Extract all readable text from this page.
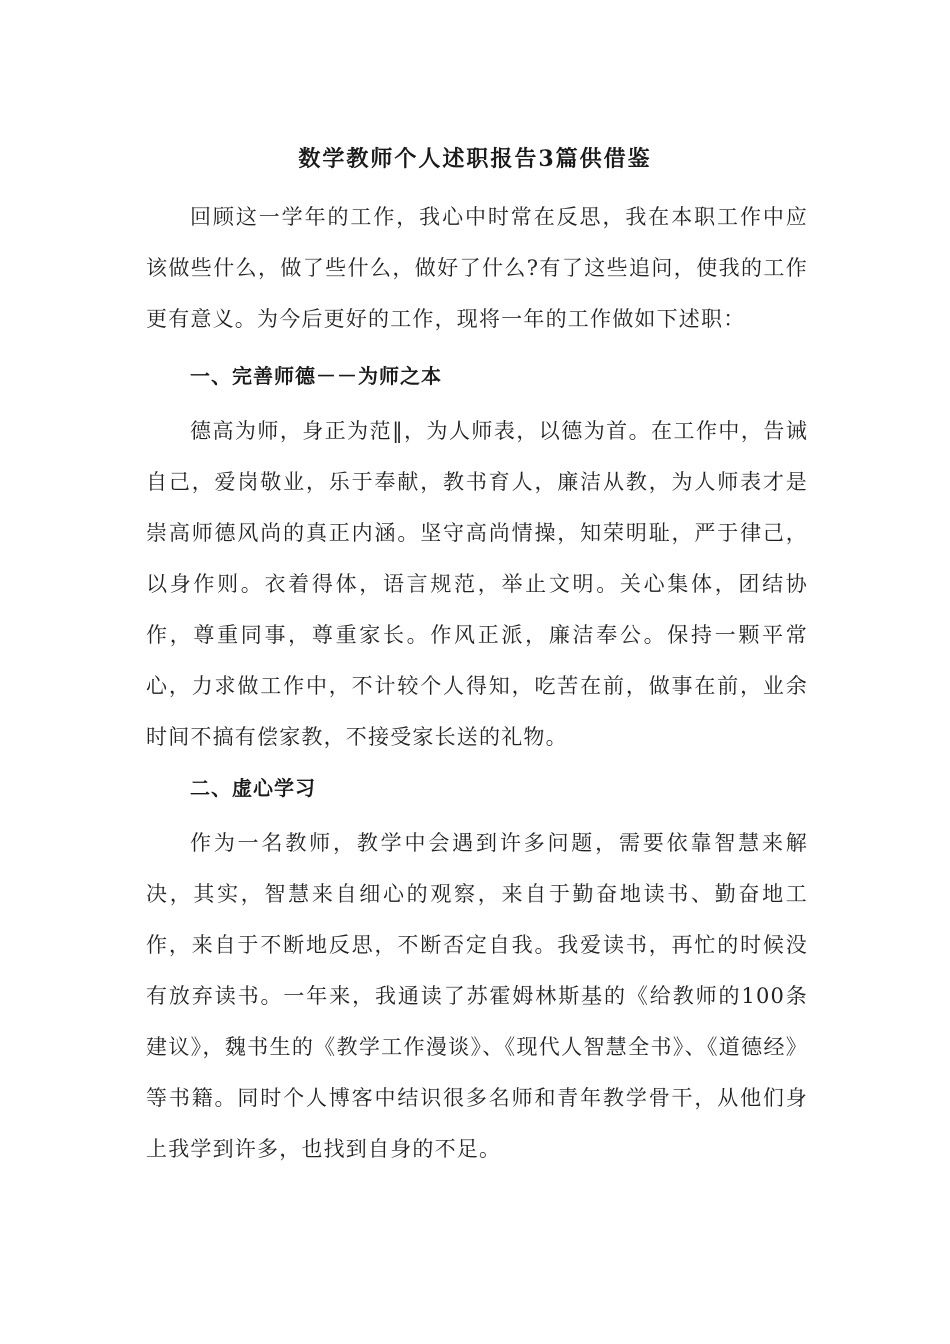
数学教师个人述职报告3篇供借鉴
回顾这一学年的工作，我心中时常在反思，我在本职工作中应该做些什么，做了些什么，做好了什么?有了这些追问，使我的工作更有意义。为今后更好的工作，现将一年的工作做如下述职：
一、完善师德－－为师之本
德高为师，身正为范‖，为人师表，以德为首。在工作中，告诫自己，爱岗敬业，乐于奉献，教书育人，廉洁从教，为人师表才是崇高师德风尚的真正内涵。坚守高尚情操，知荣明耻，严于律己，以身作则。衣着得体，语言规范，举止文明。关心集体，团结协作，尊重同事，尊重家长。作风正派，廉洁奉公。保持一颗平常心，力求做工作中，不计较个人得知，吃苦在前，做事在前，业余时间不搞有偿家教，不接受家长送的礼物。
二、虚心学习
作为一名教师，教学中会遇到许多问题，需要依靠智慧来解决，其实，智慧来自细心的观察，来自于勤奋地读书、勤奋地工作，来自于不断地反思，不断否定自我。我爱读书，再忙的时候没有放弃读书。一年来，我通读了苏霍姆林斯基的《给教师的100条建议》，魏书生的《教学工作漫谈》、《现代人智慧全书》、《道德经》等书籍。同时个人博客中结识很多名师和青年教学骨干，从他们身上我学到许多，也找到自身的不足。
